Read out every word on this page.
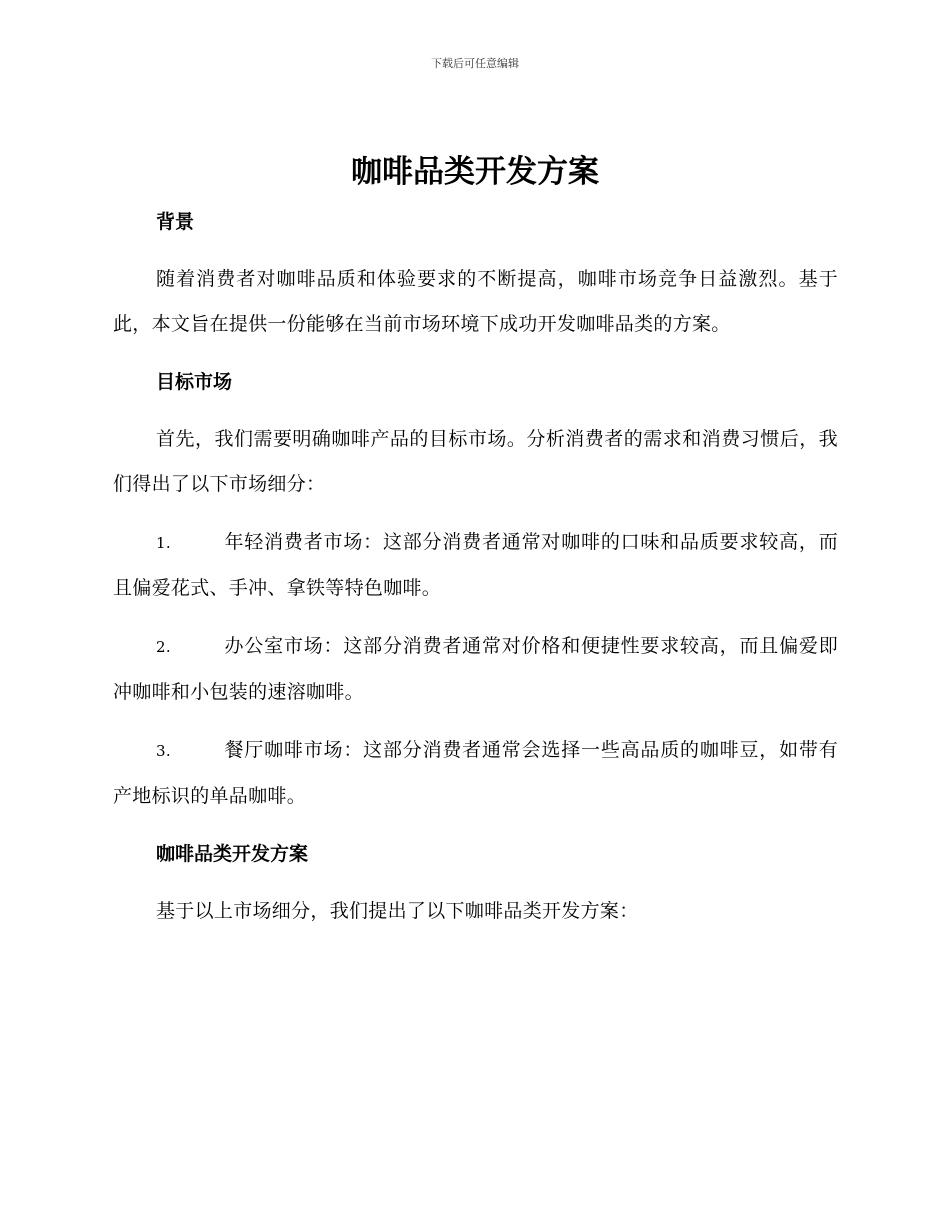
下载后可任意编辑
咖啡品类开发方案
背景

随着消费者对咖啡品质和体验要求的不断提高，咖啡市场竞争日益激烈。基于此，本文旨在提供一份能够在当前市场环境下成功开发咖啡品类的方案。

目标市场

首先，我们需要明确咖啡产品的目标市场。分析消费者的需求和消费习惯后，我们得出了以下市场细分：

1.	年轻消费者市场：这部分消费者通常对咖啡的口味和品质要求较高，而且偏爱花式、手冲、拿铁等特色咖啡。

2.	办公室市场：这部分消费者通常对价格和便捷性要求较高，而且偏爱即冲咖啡和小包装的速溶咖啡。

3.	餐厅咖啡市场：这部分消费者通常会选择一些高品质的咖啡豆，如带有产地标识的单品咖啡。

咖啡品类开发方案

基于以上市场细分，我们提出了以下咖啡品类开发方案：
